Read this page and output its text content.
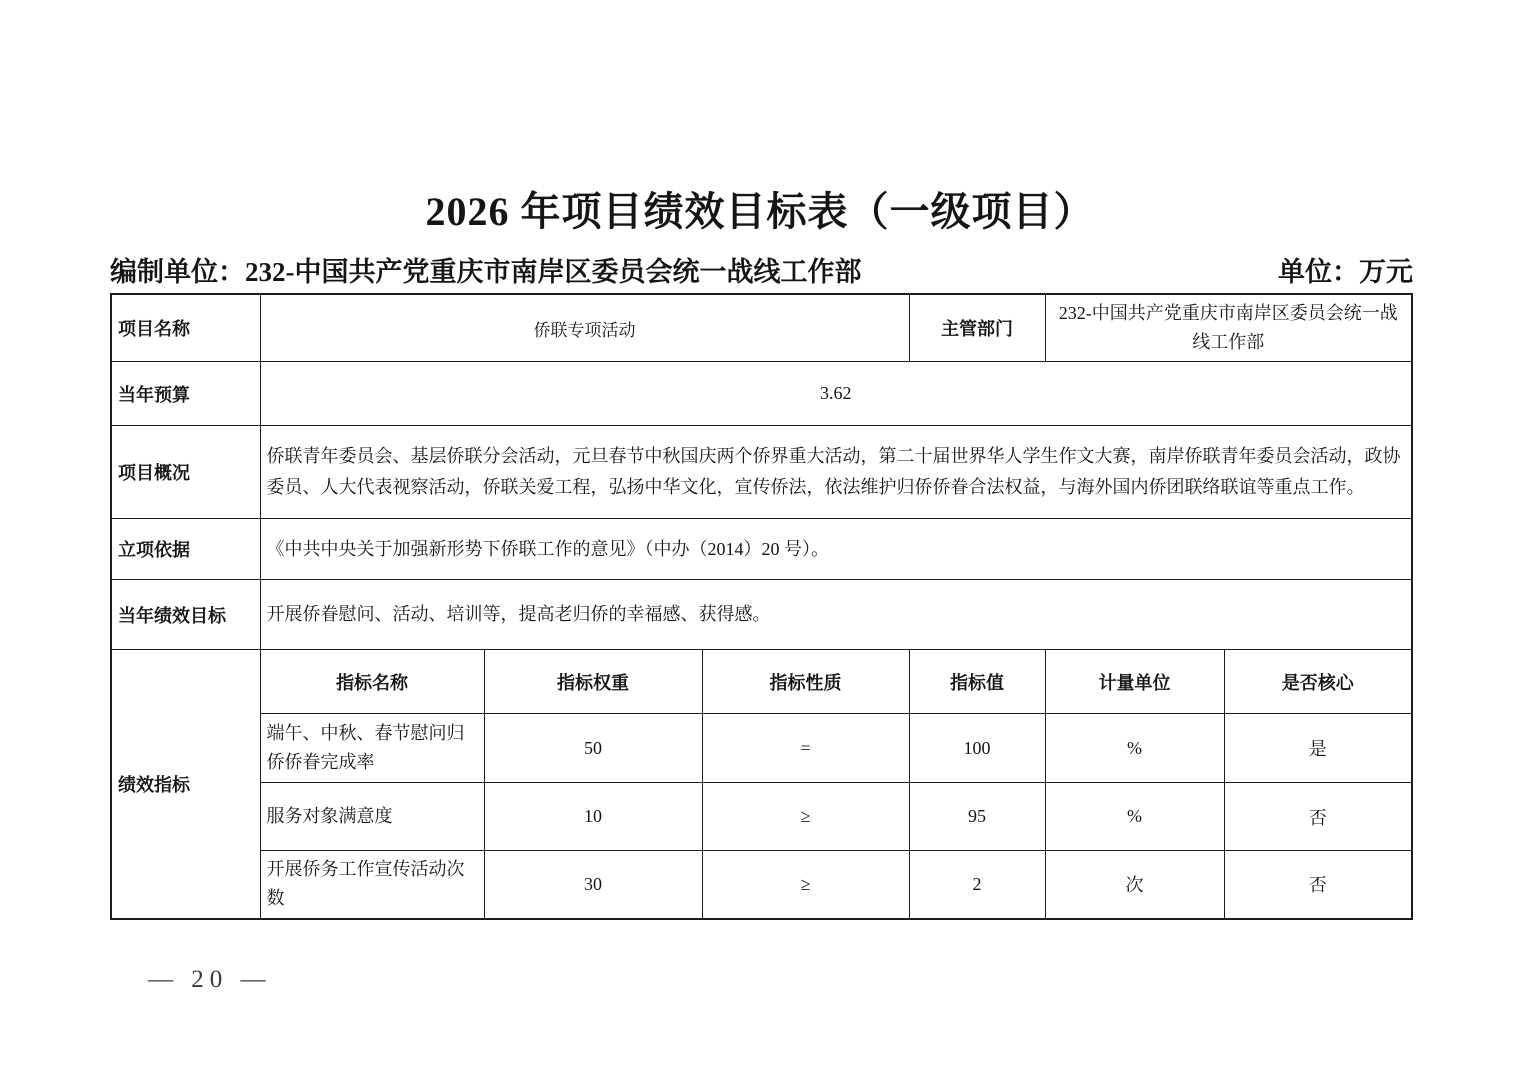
2026 年项目绩效目标表（一级项目）
编制单位：232-中国共产党重庆市南岸区委员会统一战线工作部	单位：万元
项目名称	侨联专项活动			主管部门	232-中国共产党重庆市南岸区委员会统一战线工作部	
当年预算	3.62					
项目概况	侨联青年委员会、基层侨联分会活动，元旦春节中秋国庆两个侨界重大活动，第二十届世界华人学生作文大赛，南岸侨联青年委员会活动，政协委员、人大代表视察活动，侨联关爱工程，弘扬中华文化，宣传侨法，依法维护归侨侨眷合法权益，与海外国内侨团联络联谊等重点工作。					
立项依据	《中共中央关于加强新形势下侨联工作的意见》（中办（2014）20 号）。					
当年绩效目标	开展侨眷慰问、活动、培训等，提高老归侨的幸福感、获得感。					
绩效指标	指标名称	指标权重	指标性质	指标值	计量单位	是否核心
	端午、中秋、春节慰问归侨侨眷完成率	50	=	100	%	是
	服务对象满意度	10	≥	95	%	否
	开展侨务工作宣传活动次数	30	≥	2	次	否
— 20 —
